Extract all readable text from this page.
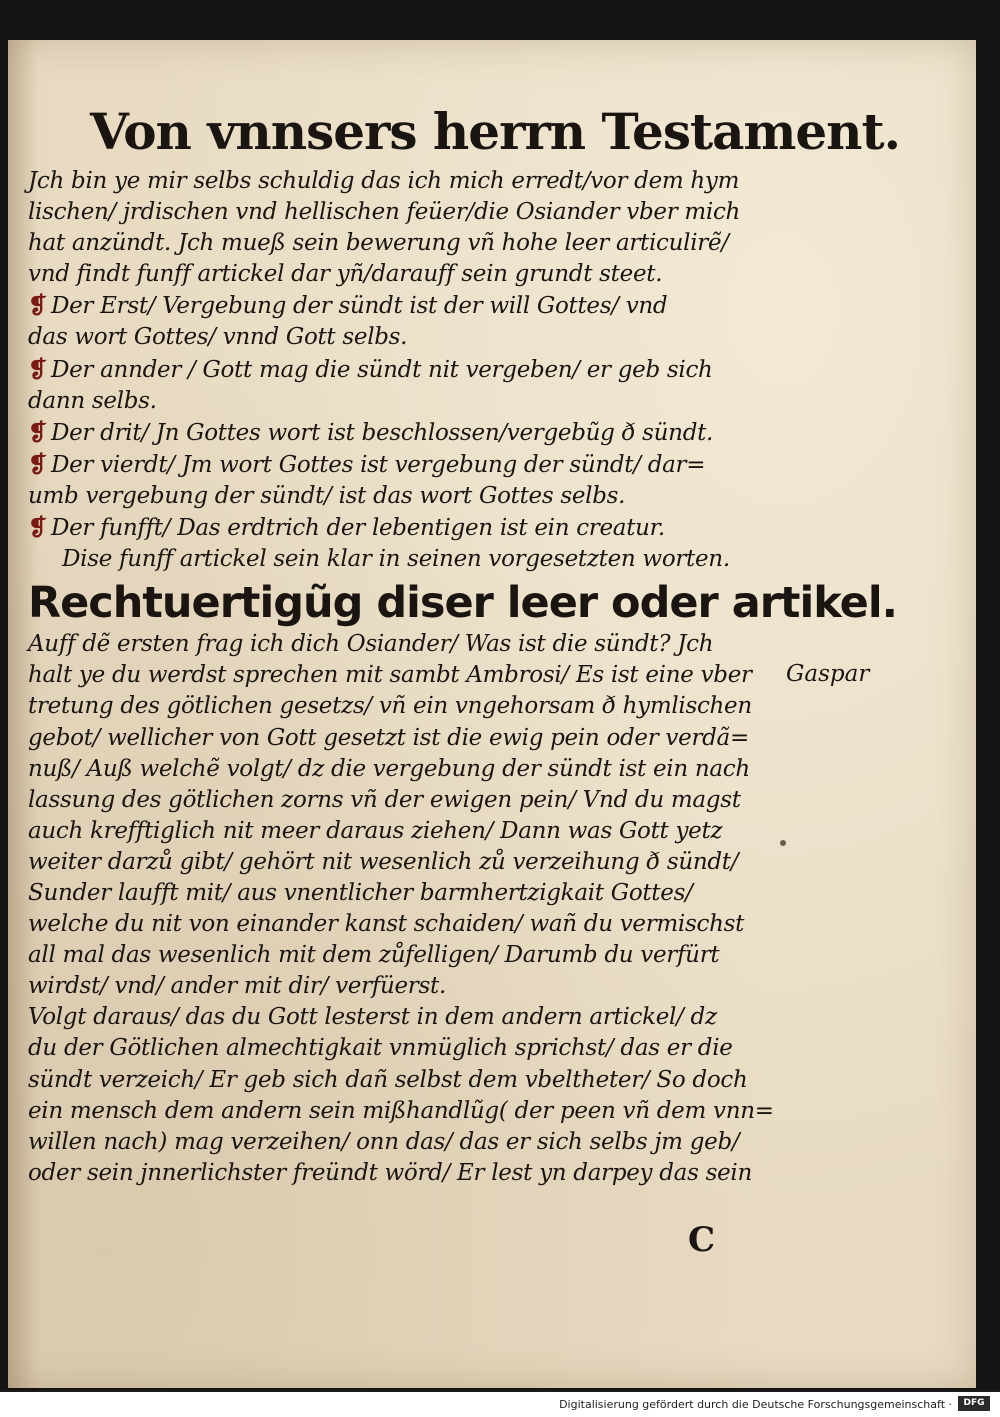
Von vnnsers herrn Testament.
Jch bin ye mir selbs schuldig das ich mich erredt/vor dem hym
lischen/ jrdischen vnd hellischen feüer/die Osiander vber mich
hat anzündt. Jch mueß sein bewerung vñ hohe leer articulirẽ/
vnd findt funff artickel dar yñ/darauff sein grundt steet.
❡ Der Erst/ Vergebung der sündt ist der will Gottes/ vnd
das wort Gottes/ vnnd Gott selbs.
❡ Der annder / Gott mag die sündt nit vergeben/ er geb sich
dann selbs.
❡ Der drit/ Jn Gottes wort ist beschlossen/vergebũg ð sündt.
❡ Der vierdt/ Jm wort Gottes ist vergebung der sündt/ dar=
umb vergebung der sündt/ ist das wort Gottes selbs.
❡ Der funfft/ Das erdtrich der lebentigen ist ein creatur.
Dise funff artickel sein klar in seinen vorgesetzten worten.
Rechtuertigũg diser leer oder artikel.
Auff dẽ ersten frag ich dich Osiander/ Was ist die sündt? Jch
halt ye du werdst sprechen mit sambt Ambrosi/ Es ist eine vber
tretung des götlichen gesetzs/ vñ ein vngehorsam ð hymlischen
gebot/ wellicher von Gott gesetzt ist die ewig pein oder verdã=
nuß/ Auß welchẽ volgt/ dz die vergebung der sündt ist ein nach
lassung des götlichen zorns vñ der ewigen pein/ Vnd du magst
auch krefftiglich nit meer daraus ziehen/ Dann was Gott yetz
weiter darzů gibt/ gehört nit wesenlich zů verzeihung ð sündt/
Sunder laufft mit/ aus vnentlicher barmhertzigkait Gottes/
welche du nit von einander kanst schaiden/ wañ du vermischst
all mal das wesenlich mit dem zůfelligen/ Darumb du verfürt
wirdst/ vnd/ ander mit dir/ verfüerst.
Volgt daraus/ das du Gott lesterst in dem andern artickel/ dz
du der Götlichen almechtigkait vnmüglich sprichst/ das er die
sündt verzeich/ Er geb sich dañ selbst dem vbeltheter/ So doch
ein mensch dem andern sein mißhandlũg( der peen vñ dem vnn=
willen nach) mag verzeihen/ onn das/ das er sich selbs jm geb/
oder sein jnnerlichster freündt wörd/ Er lest yn darpey das sein
Gaspar
C
Digitalisierung gefördert durch die Deutsche Forschungsgemeinschaft ·	DFG
